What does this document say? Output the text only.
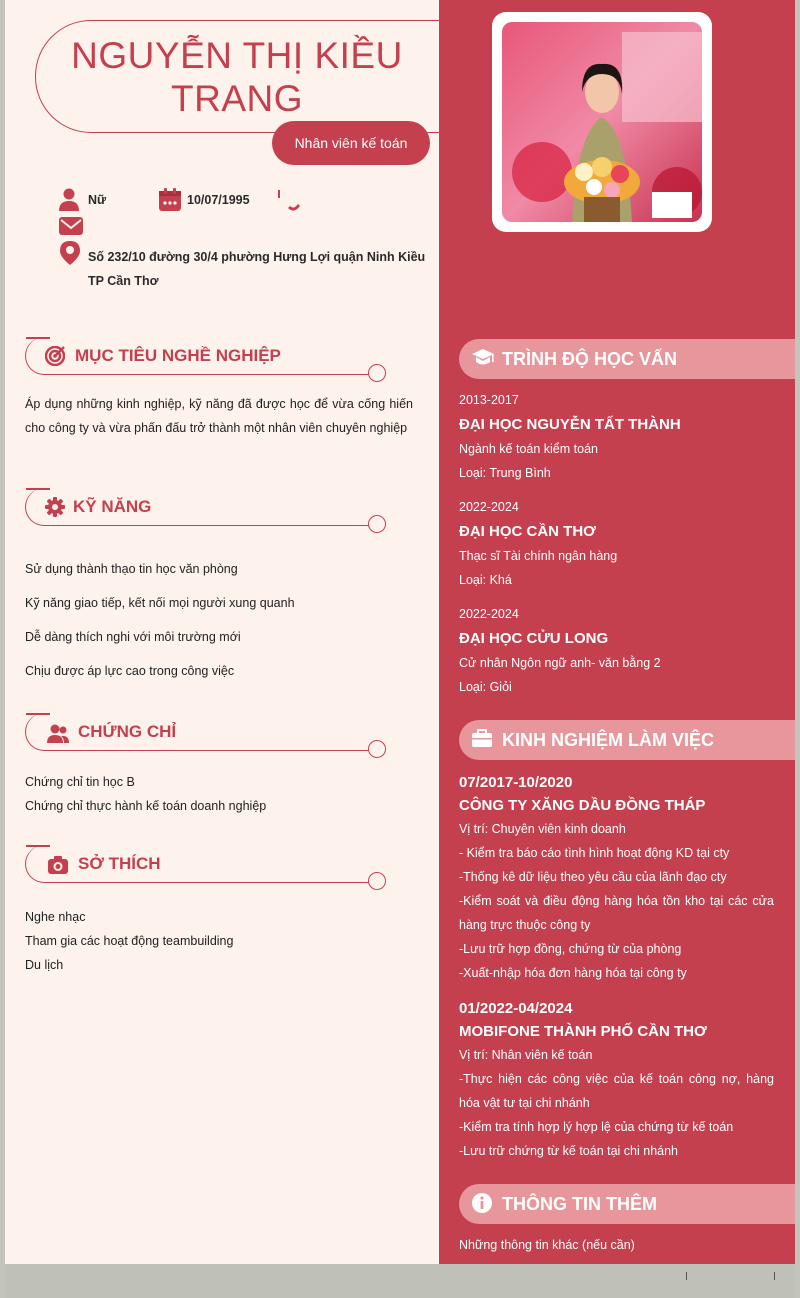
NGUYỄN THỊ KIỀU
TRANG
Nhân viên kế toán
Nữ	10/07/1995
Số 232/10 đường 30/4 phường Hưng Lợi quận Ninh Kiều
TP Cần Thơ
MỤC TIÊU NGHỀ NGHIỆP
Áp dụng những kinh nghiệp, kỹ năng đã được học để vừa cống hiến cho công ty và vừa phấn đấu trở thành một nhân viên chuyên nghiệp
KỸ NĂNG
Sử dụng thành thạo tin học văn phòng
Kỹ năng giao tiếp, kết nối mọi người xung quanh
Dễ dàng thích nghi với môi trường mới
Chịu được áp lực cao trong công việc
CHỨNG CHỈ
Chứng chỉ tin học B
Chứng chỉ thực hành kế toán doanh nghiệp
SỞ THÍCH
Nghe nhạc
Tham gia các hoạt động teambuilding
Du lịch
TRÌNH ĐỘ HỌC VẤN
2013-2017
ĐẠI HỌC NGUYỄN TẤT THÀNH
Ngành kế toán kiểm toán
Loại: Trung Bình
2022-2024
ĐẠI HỌC CẦN THƠ
Thạc sĩ Tài chính ngân hàng
Loại: Khá
2022-2024
ĐẠI HỌC CỬU LONG
Cử nhân Ngôn ngữ anh- văn bằng 2
Loại: Giỏi
KINH NGHIỆM LÀM VIỆC
07/2017-10/2020
CÔNG TY XĂNG DẦU ĐỒNG THÁP
Vị trí: Chuyên viên kinh doanh
- Kiểm tra báo cáo tình hình hoạt động KD tại cty
-Thống kê dữ liệu theo yêu cầu của lãnh đạo cty
-Kiểm soát và điều động hàng hóa tồn kho tại các cửa hàng trực thuộc công ty
-Lưu trữ hợp đồng, chứng từ của phòng
-Xuất-nhập hóa đơn hàng hóa tại công ty
01/2022-04/2024
MOBIFONE THÀNH PHỐ CẦN THƠ
Vị trí: Nhân viên kế toán
-Thực hiện các công việc của kế toán công nợ, hàng hóa vật tư tại chi nhánh
-Kiểm tra tính hợp lý hợp lệ của chứng từ kế toán
-Lưu trữ chứng từ kế toán tại chi nhánh
THÔNG TIN THÊM
Những thông tin khác (nếu cần)
